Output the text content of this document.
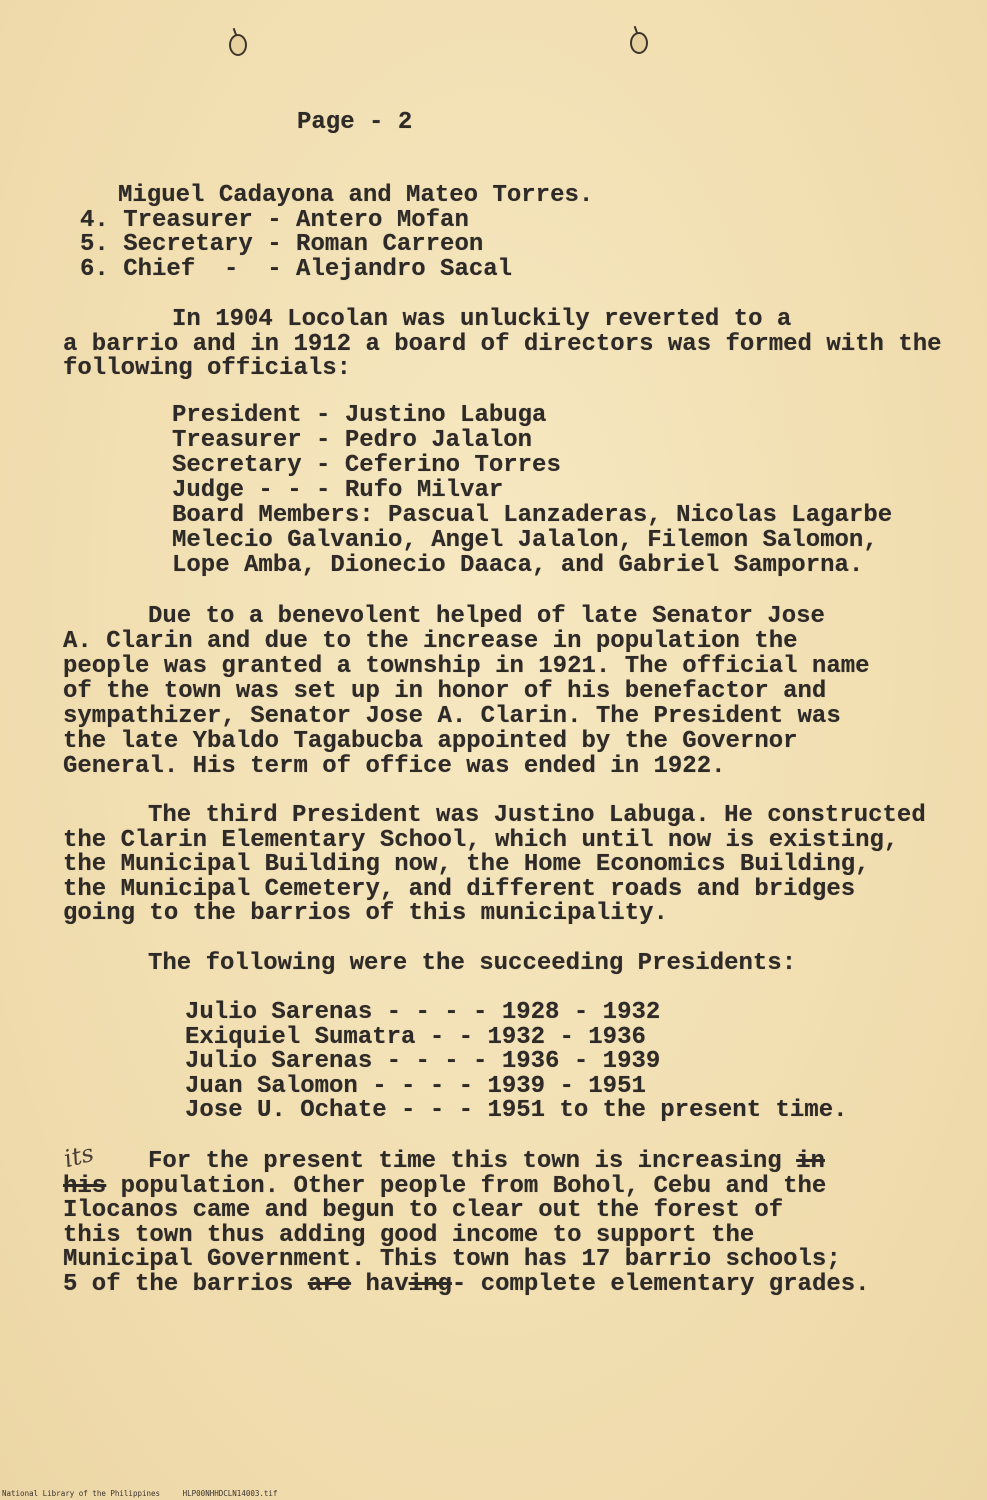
Page - 2
Miguel Cadayona and Mateo Torres.
4. Treasurer - Antero Mofan
5. Secretary - Roman Carreon
6. Chief  -  - Alejandro Sacal
In 1904 Locolan was unluckily reverted to a
a barrio and in 1912 a board of directors was formed with the
following officials:
President - Justino Labuga
Treasurer - Pedro Jalalon
Secretary - Ceferino Torres
Judge - - - Rufo Milvar
Board Members: Pascual Lanzaderas, Nicolas Lagarbe
Melecio Galvanio, Angel Jalalon, Filemon Salomon,
Lope Amba, Dionecio Daaca, and Gabriel Samporna.
Due to a benevolent helped of late Senator Jose
A. Clarin and due to the increase in population the
people was granted a township in 1921. The official name
of the town was set up in honor of his benefactor and
sympathizer, Senator Jose A. Clarin. The President was
the late Ybaldo Tagabucba appointed by the Governor
General. His term of office was ended in 1922.
The third President was Justino Labuga. He constructed
the Clarin Elementary School, which until now is existing,
the Municipal Building now, the Home Economics Building,
the Municipal Cemetery, and different roads and bridges
going to the barrios of this municipality.
The following were the succeeding Presidents:
Julio Sarenas - - - - 1928 - 1932
Exiquiel Sumatra - - 1932 - 1936
Julio Sarenas - - - - 1936 - 1939
Juan Salomon - - - - 1939 - 1951
Jose U. Ochate - - - 1951 to the present time.
For the present time this town is increasing in
his population. Other people from Bohol, Cebu and the
Ilocanos came and begun to clear out the forest of
this town thus adding good income to support the
Municipal Government. This town has 17 barrio schools;
5 of the barrios are having- complete elementary grades.
its
National Library of the Philippines	HLP00NHHDCLN14003.tif
